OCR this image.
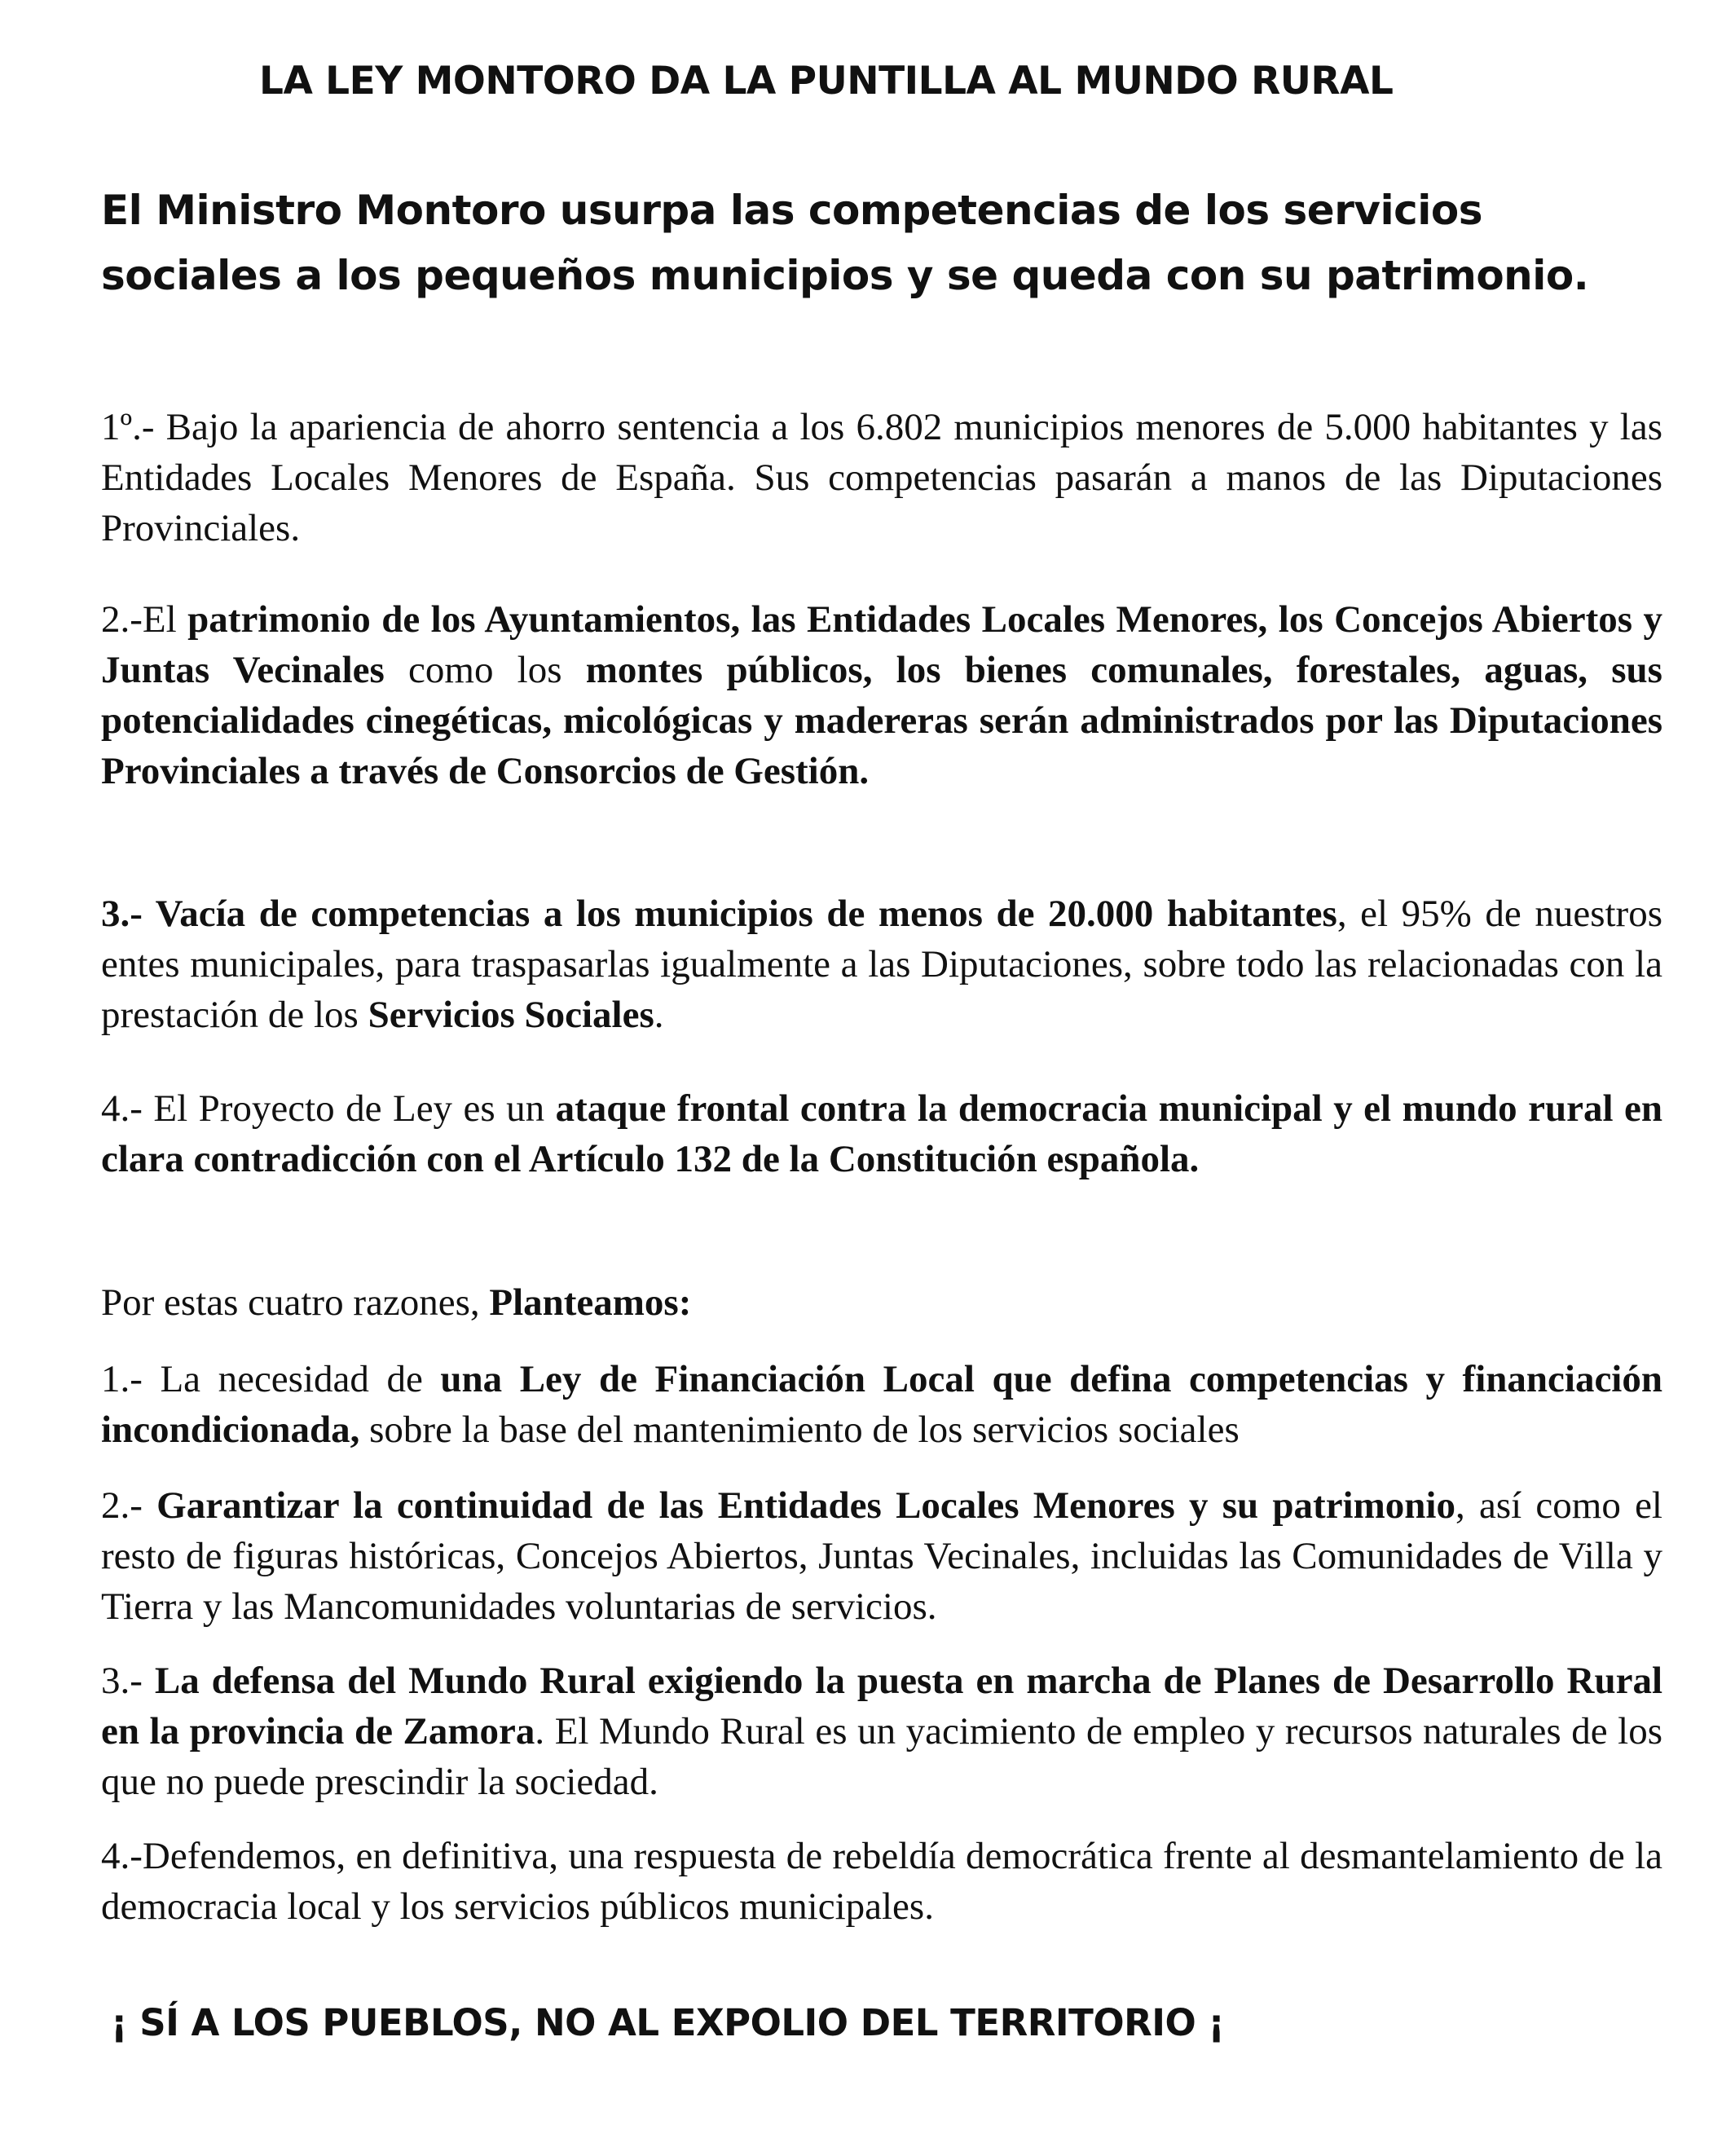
LA LEY MONTORO DA LA PUNTILLA AL MUNDO RURAL
El Ministro Montoro usurpa las competencias de los servicios sociales a los pequeños municipios y se queda con su patrimonio.
1º.- Bajo la apariencia de ahorro sentencia a los 6.802 municipios menores de 5.000 habitantes y las Entidades Locales Menores de España. Sus competencias pasarán a manos de las Diputaciones Provinciales.
2.-El patrimonio de los Ayuntamientos, las Entidades Locales Menores, los Concejos Abiertos y Juntas Vecinales como los montes públicos, los bienes comunales, forestales, aguas, sus potencialidades cinegéticas, micológicas y madereras serán administrados por las Diputaciones Provinciales a través de Consorcios de Gestión.
3.- Vacía de competencias a los municipios de menos de 20.000 habitantes, el 95% de nuestros entes municipales, para traspasarlas igualmente a las Diputaciones, sobre todo las relacionadas con la prestación de los Servicios Sociales.
4.- El Proyecto de Ley es un ataque frontal contra la democracia municipal y el mundo rural en clara contradicción con el Artículo 132 de la Constitución española.
Por estas cuatro razones, Planteamos:
1.- La necesidad de una Ley de Financiación Local que defina competencias y financiación incondicionada, sobre la base del mantenimiento de los servicios sociales
2.- Garantizar la continuidad de las Entidades Locales Menores y su patrimonio, así como el resto de figuras históricas, Concejos Abiertos, Juntas Vecinales, incluidas las Comunidades de Villa y Tierra y las Mancomunidades voluntarias de servicios.
3.- La defensa del Mundo Rural exigiendo la puesta en marcha de Planes de Desarrollo Rural en la provincia de Zamora. El Mundo Rural es un yacimiento de empleo y recursos naturales de los que no puede prescindir la sociedad.
4.-Defendemos, en definitiva, una respuesta de rebeldía democrática frente al desmantelamiento de la democracia local y los servicios públicos municipales.
¡ SÍ A LOS PUEBLOS, NO AL EXPOLIO DEL TERRITORIO ¡
